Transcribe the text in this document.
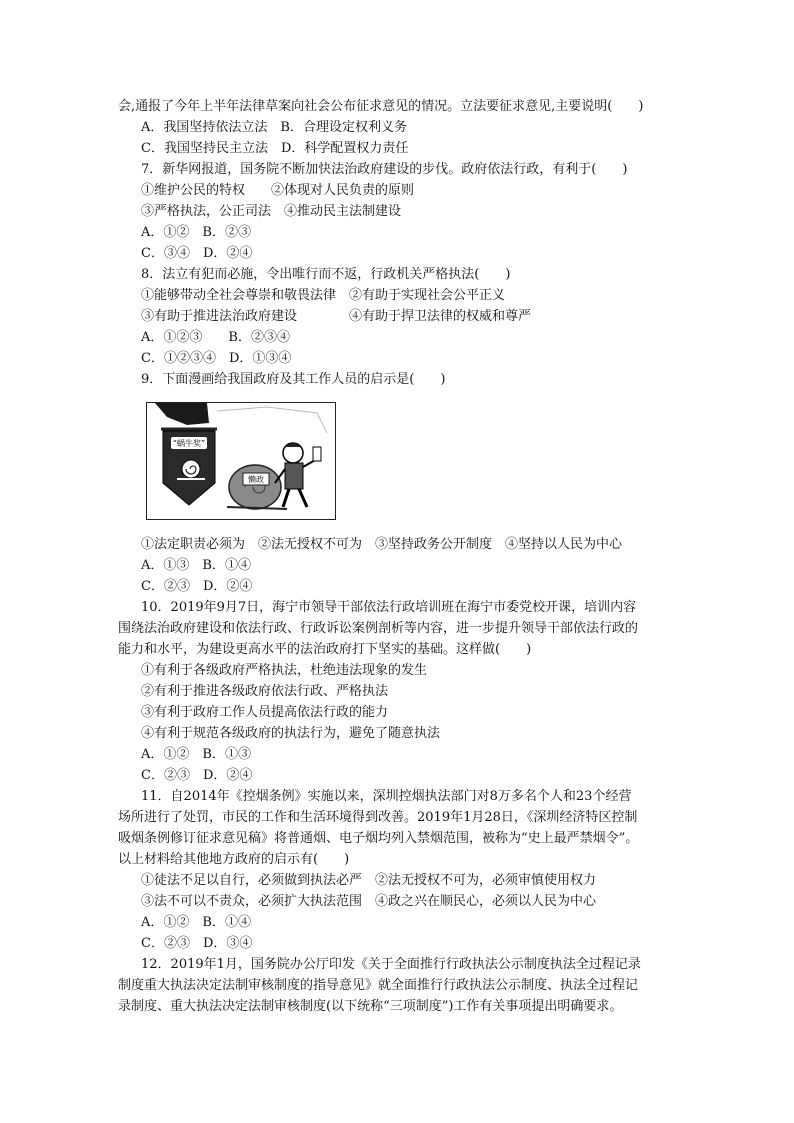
会,通报了今年上半年法律草案向社会公布征求意见的情况。立法要征求意见,主要说明(　　)
A．我国坚持依法立法　B．合理设定权利义务
C．我国坚持民主立法　D．科学配置权力责任
7．新华网报道，国务院不断加快法治政府建设的步伐。政府依法行政，有利于(　　)
①维护公民的特权　　②体现对人民负责的原则
③严格执法，公正司法　④推动民主法制建设
A．①②　B．②③
C．③④　D．②④
8．法立有犯而必施，令出唯行而不返，行政机关严格执法(　　)
①能够带动全社会尊崇和敬畏法律　②有助于实现社会公平正义
③有助于推进法治政府建设　　　　④有助于捍卫法律的权威和尊严
A．①②③　　B．②③④
C．①②③④　D．①③④
9．下面漫画给我国政府及其工作人员的启示是(　　)
“蜗牛奖”
懒政
①法定职责必须为　②法无授权不可为　③坚持政务公开制度　④坚持以人民为中心
A．①③　B．①④
C．②③　D．②④
10．2019年9月7日，海宁市领导干部依法行政培训班在海宁市委党校开课，培训内容
围绕法治政府建设和依法行政、行政诉讼案例剖析等内容，进一步提升领导干部依法行政的
能力和水平，为建设更高水平的法治政府打下坚实的基础。这样做(　　)
①有利于各级政府严格执法，杜绝违法现象的发生
②有利于推进各级政府依法行政、严格执法
③有利于政府工作人员提高依法行政的能力
④有利于规范各级政府的执法行为，避免了随意执法
A．①②　B．①③
C．②③　D．②④
11．自2014年《控烟条例》实施以来，深圳控烟执法部门对8万多名个人和23个经营
场所进行了处罚，市民的工作和生活环境得到改善。2019年1月28日，《深圳经济特区控制
吸烟条例修订征求意见稿》将普通烟、电子烟均列入禁烟范围，被称为“史上最严禁烟令”。
以上材料给其他地方政府的启示有(　　)
①徒法不足以自行，必须做到执法必严　②法无授权不可为，必须审慎使用权力
③法不可以不责众，必须扩大执法范围　④政之兴在顺民心，必须以人民为中心
A．①②　B．①④
C．②③　D．③④
12．2019年1月，国务院办公厅印发《关于全面推行行政执法公示制度执法全过程记录
制度重大执法决定法制审核制度的指导意见》就全面推行行政执法公示制度、执法全过程记
录制度、重大执法决定法制审核制度(以下统称“三项制度”)工作有关事项提出明确要求。
